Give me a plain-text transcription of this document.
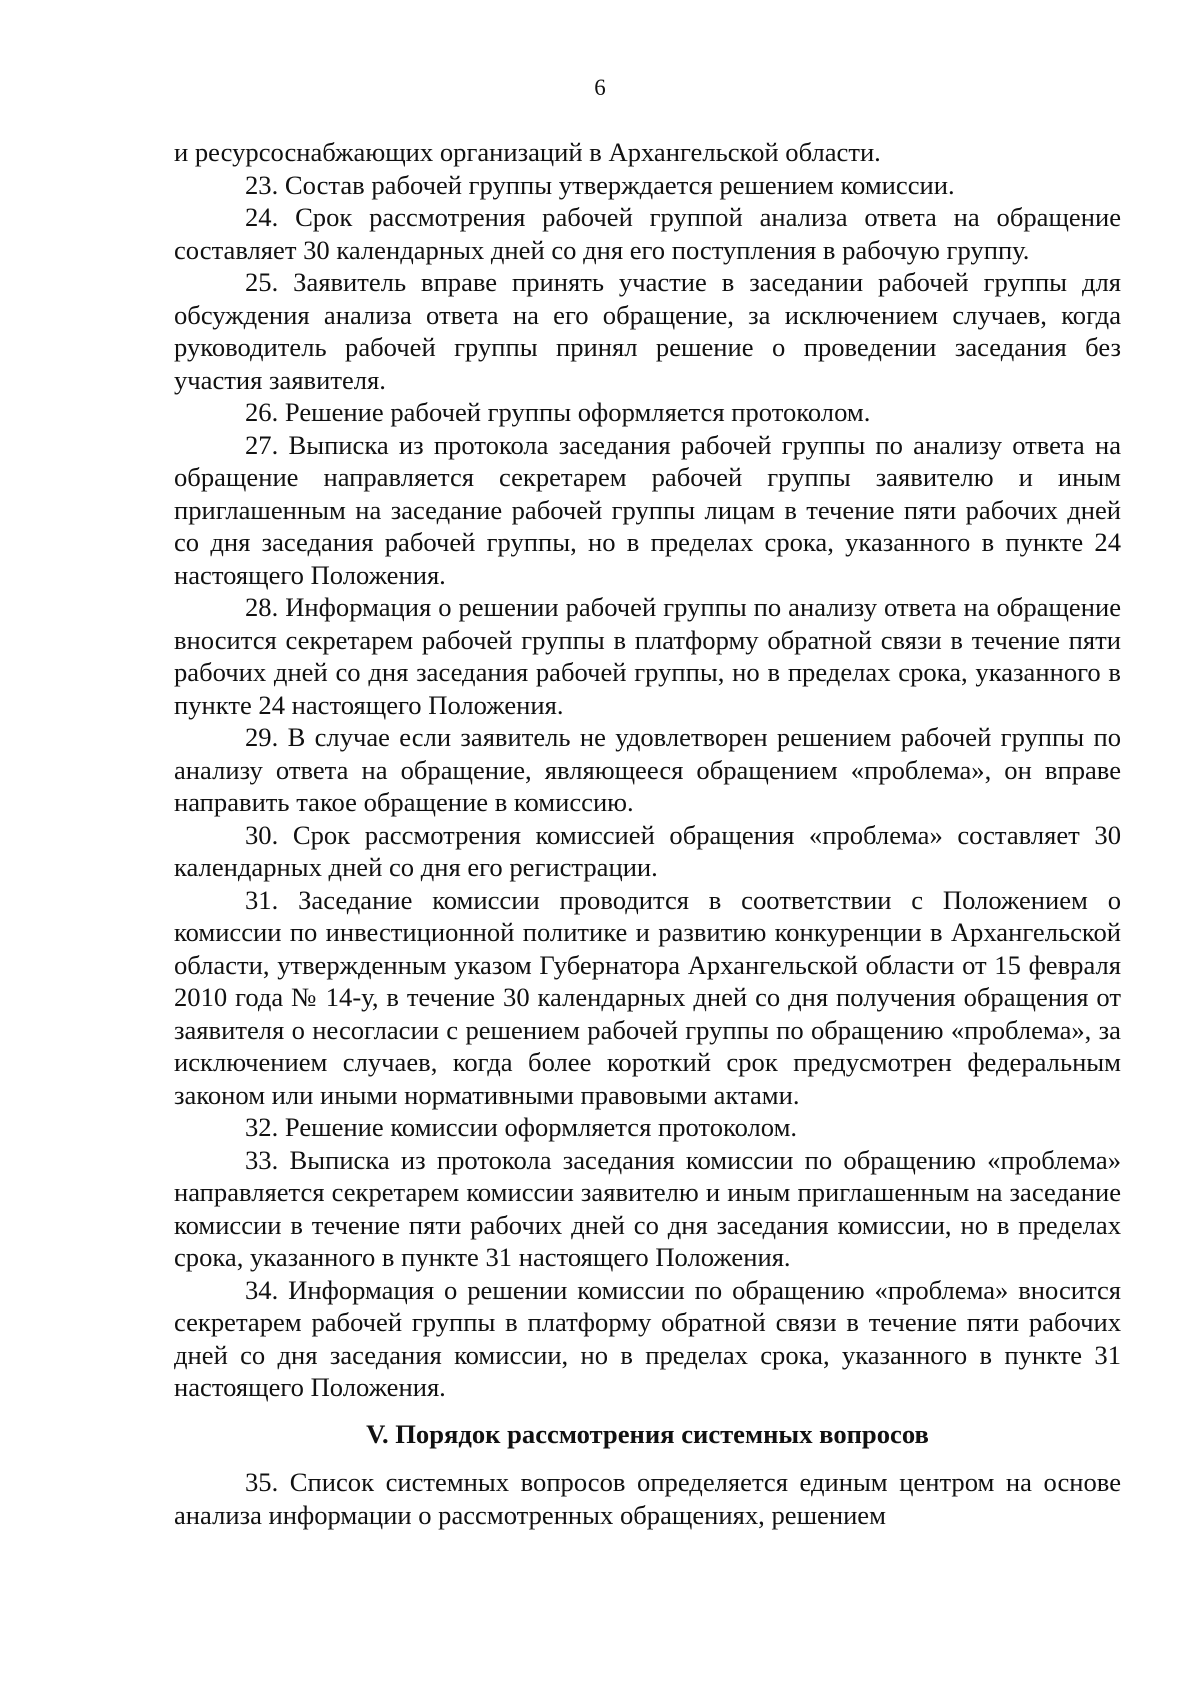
6

и ресурсоснабжающих организаций в Архангельской области.

23. Состав рабочей группы утверждается решением комиссии.

24. Срок рассмотрения рабочей группой анализа ответа на обращение составляет 30 календарных дней со дня его поступления в рабочую группу.

25. Заявитель вправе принять участие в заседании рабочей группы для обсуждения анализа ответа на его обращение, за исключением случаев, когда руководитель рабочей группы принял решение о проведении заседания без участия заявителя.

26. Решение рабочей группы оформляется протоколом.

27. Выписка из протокола заседания рабочей группы по анализу ответа на обращение направляется секретарем рабочей группы заявителю и иным приглашенным на заседание рабочей группы лицам в течение пяти рабочих дней со дня заседания рабочей группы, но в пределах срока, указанного в пункте 24 настоящего Положения.

28. Информация о решении рабочей группы по анализу ответа на обращение вносится секретарем рабочей группы в платформу обратной связи в течение пяти рабочих дней со дня заседания рабочей группы, но в пределах срока, указанного в пункте 24 настоящего Положения.

29. В случае если заявитель не удовлетворен решением рабочей группы по анализу ответа на обращение, являющееся обращением «проблема», он вправе направить такое обращение в комиссию.

30. Срок рассмотрения комиссией обращения «проблема» составляет 30 календарных дней со дня его регистрации.

31. Заседание комиссии проводится в соответствии с Положением о комиссии по инвестиционной политике и развитию конкуренции в Архангельской области, утвержденным указом Губернатора Архангельской области от 15 февраля 2010 года № 14-у, в течение 30 календарных дней со дня получения обращения от заявителя о несогласии с решением рабочей группы по обращению «проблема», за исключением случаев, когда более короткий срок предусмотрен федеральным законом или иными нормативными правовыми актами.

32. Решение комиссии оформляется протоколом.

33. Выписка из протокола заседания комиссии по обращению «проблема» направляется секретарем комиссии заявителю и иным приглашенным на заседание комиссии в течение пяти рабочих дней со дня заседания комиссии, но в пределах срока, указанного в пункте 31 настоящего Положения.

34. Информация о решении комиссии по обращению «проблема» вносится секретарем рабочей группы в платформу обратной связи в течение пяти рабочих дней со дня заседания комиссии, но в пределах срока, указанного в пункте 31 настоящего Положения.

V. Порядок рассмотрения системных вопросов

35. Список системных вопросов определяется единым центром на основе анализа информации о рассмотренных обращениях, решением
